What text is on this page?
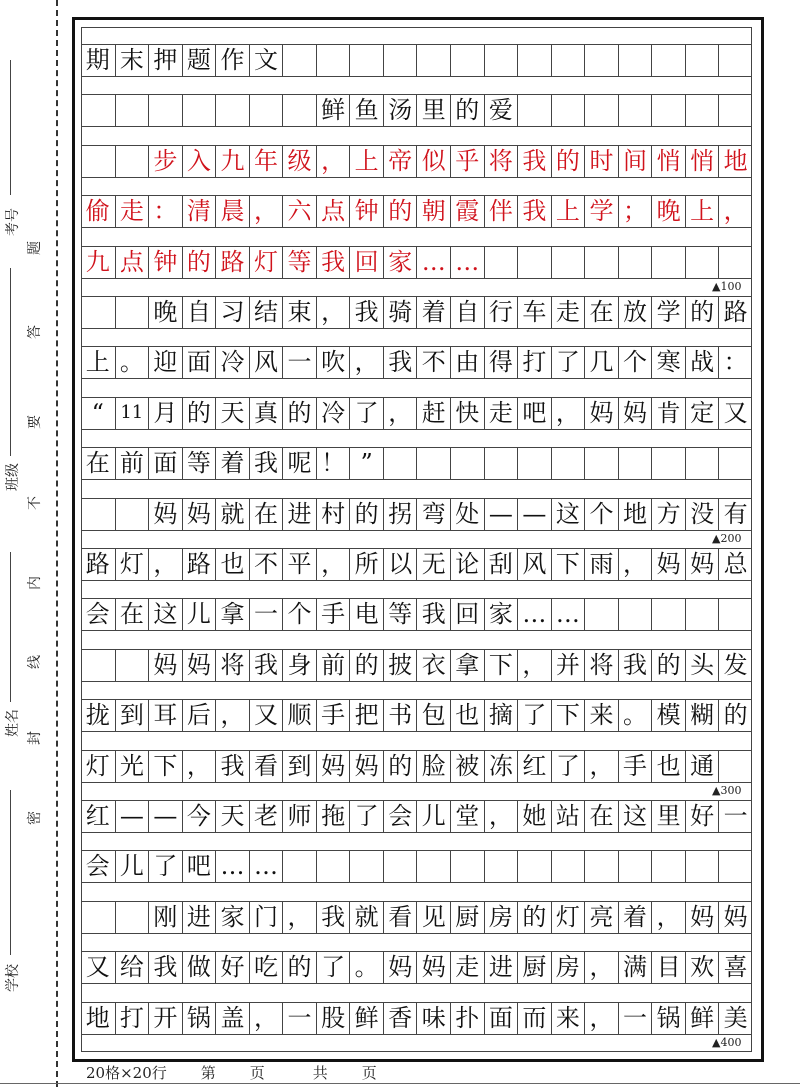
考号
班级
姓名
学校
题
答
要
不
内
线
封
密
期 末 押 题 作 文
鲜 鱼 汤 里 的 爱
步 入 九 年 级 ， 上 帝 似 乎 将 我 的 时 间 悄 悄 地
偷 走 ： 清 晨 ， 六 点 钟 的 朝 霞 伴 我 上 学 ； 晚 上 ，
九 点 钟 的 路 灯 等 我 回 家 … …
晚 自 习 结 束 ， 我 骑 着 自 行 车 走 在 放 学 的 路
上 。 迎 面 冷 风 一 吹 ， 我 不 由 得 打 了 几 个 寒 战 ：
“ 11 月 的 天 真 的 冷 了 ， 赶 快 走 吧 ， 妈 妈 肯 定 又
在 前 面 等 着 我 呢 ！ ”
妈 妈 就 在 进 村 的 拐 弯 处 — — 这 个 地 方 没 有
路 灯 ， 路 也 不 平 ， 所 以 无 论 刮 风 下 雨 ， 妈 妈 总
会 在 这 儿 拿 一 个 手 电 等 我 回 家 … …
妈 妈 将 我 身 前 的 披 衣 拿 下 ， 并 将 我 的 头 发
拢 到 耳 后 ， 又 顺 手 把 书 包 也 摘 了 下 来 。 模 糊 的
灯 光 下 ， 我 看 到 妈 妈 的 脸 被 冻 红 了 ， 手 也 通
红 — — 今 天 老 师 拖 了 会 儿 堂 ， 她 站 在 这 里 好 一
会 儿 了 吧 … …
刚 进 家 门 ， 我 就 看 见 厨 房 的 灯 亮 着 ， 妈 妈
又 给 我 做 好 吃 的 了 。 妈 妈 走 进 厨 房 ， 满 目 欢 喜
地 打 开 锅 盖 ， 一 股 鲜 香 味 扑 面 而 来 ， 一 锅 鲜 美
▲100
▲200
▲300
▲400
20格×20行 第 页	共 页
